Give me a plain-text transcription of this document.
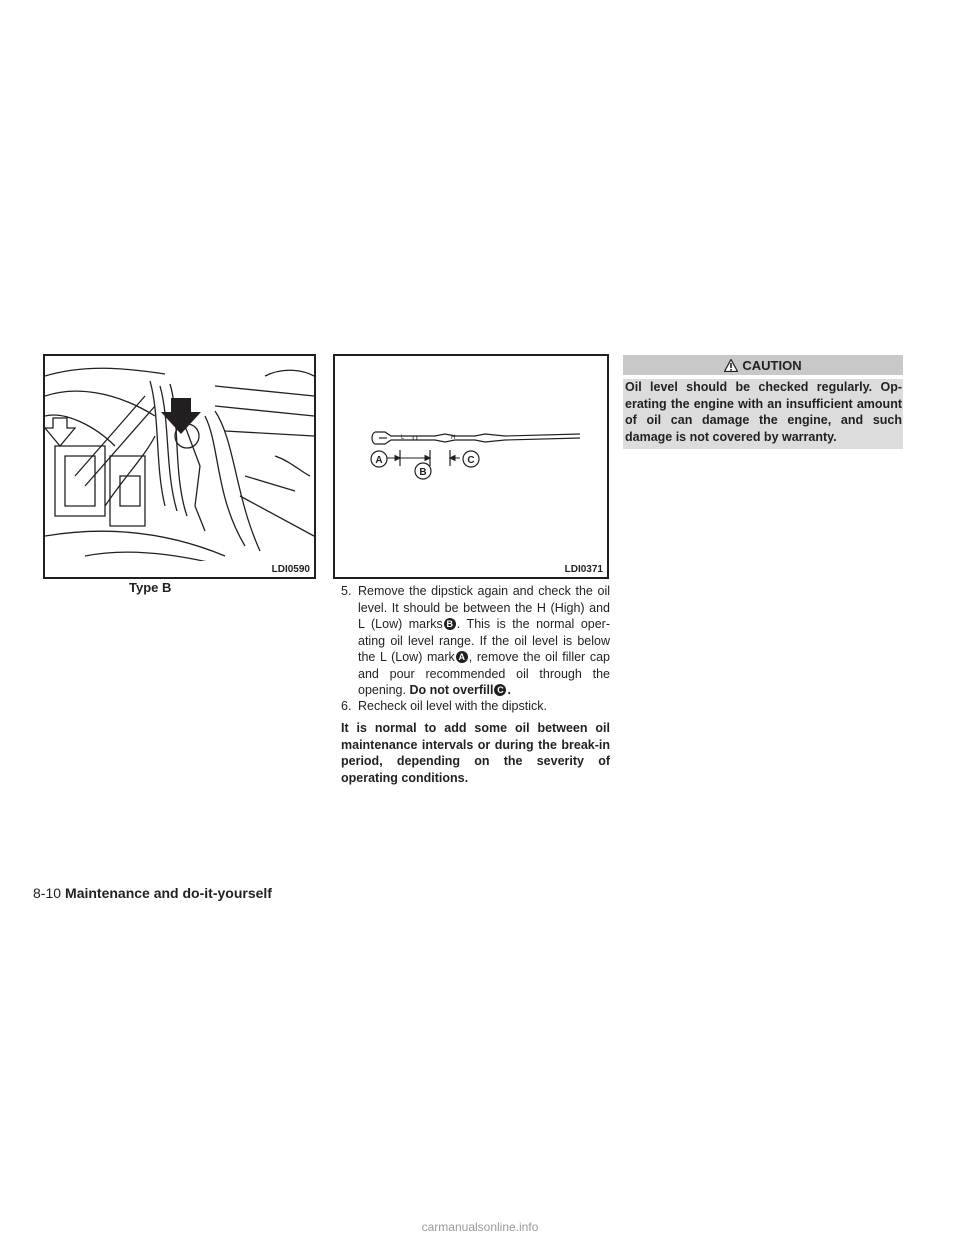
LDI0590
Type B
L	H
A
B
C
LDI0371
5. Remove the dipstick again and check the oil level. It should be between the H (High) and L (Low) marks B . This is the normal oper-ating oil level range. If the oil level is below the L (Low) mark A , remove the oil filler cap and pour recommended oil through the opening. Do not overfill C .
6. Recheck oil level with the dipstick.
It is normal to add some oil between oil maintenance intervals or during the break-in period, depending on the severity of operating conditions.
CAUTION
Oil level should be checked regularly. Op-erating the engine with an insufficient amount of oil can damage the engine, and such damage is not covered by warranty.
8-10 Maintenance and do-it-yourself
carmanualsonline.info
